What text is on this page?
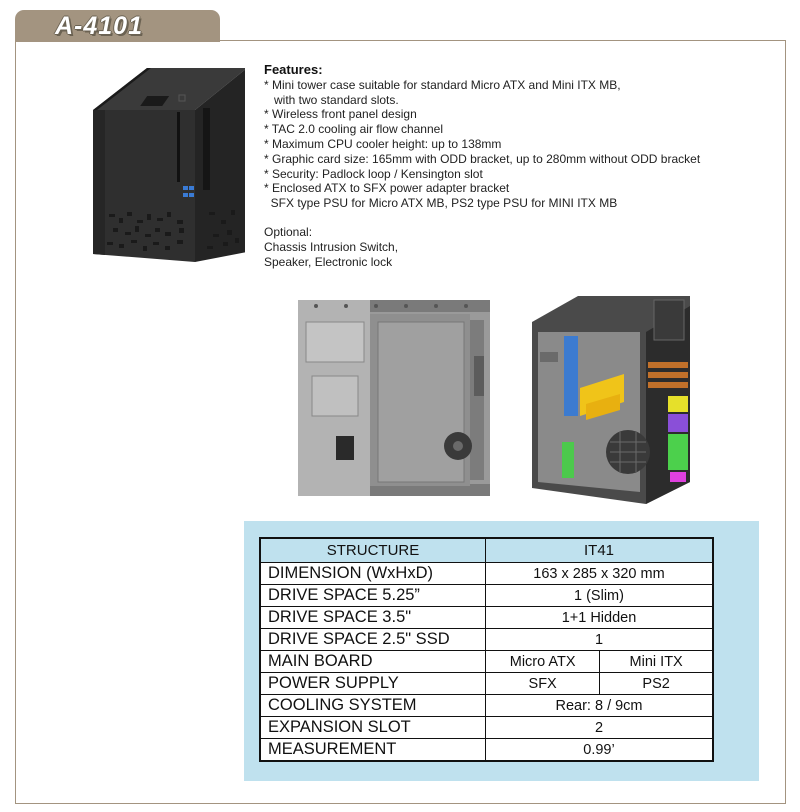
A-4101
Features:
* Mini tower case suitable for standard Micro ATX and Mini ITX MB,
with two standard slots.
* Wireless front panel design
* TAC 2.0 cooling air flow channel
* Maximum CPU cooler height: up to 138mm
* Graphic card size: 165mm with ODD bracket, up to 280mm without ODD bracket
* Security: Padlock loop / Kensington slot
* Enclosed ATX to SFX power adapter bracket
SFX type PSU for Micro ATX MB, PS2 type PSU for MINI ITX MB
Optional:
Chassis Intrusion Switch,
Speaker, Electronic lock
STRUCTURE	IT41	
DIMENSION (WxHxD)	163 x 285 x 320 mm	
DRIVE SPACE 5.25”	1 (Slim)	
DRIVE SPACE 3.5"	1+1 Hidden	
DRIVE SPACE 2.5" SSD	1	
MAIN BOARD	Micro ATX	Mini ITX
POWER SUPPLY	SFX	PS2
COOLING SYSTEM	Rear: 8 / 9cm	
EXPANSION SLOT	2	
MEASUREMENT	0.99’	
